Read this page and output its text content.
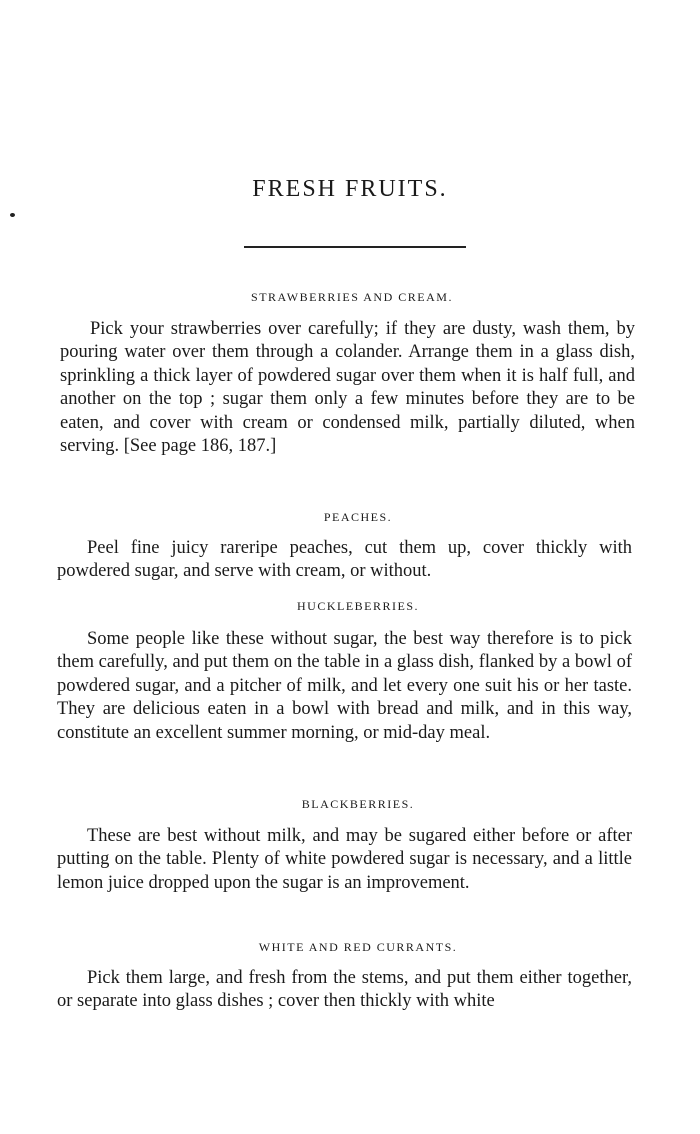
FRESH FRUITS.
STRAWBERRIES AND CREAM.

Pick your strawberries over carefully; if they are dusty, wash them, by pouring water over them through a colander. Arrange them in a glass dish, sprinkling a thick layer of powdered sugar over them when it is half full, and another on the top ; sugar them only a few minutes before they are to be eaten, and cover with cream or condensed milk, partially diluted, when serving. [See page 186, 187.]

PEACHES.

Peel fine juicy rareripe peaches, cut them up, cover thickly with powdered sugar, and serve with cream, or without.

HUCKLEBERRIES.

Some people like these without sugar, the best way therefore is to pick them carefully, and put them on the table in a glass dish, flanked by a bowl of powdered sugar, and a pitcher of milk, and let every one suit his or her taste. They are delicious eaten in a bowl with bread and milk, and in this way, constitute an excellent summer morning, or mid-day meal.

BLACKBERRIES.

These are best without milk, and may be sugared either before or after putting on the table. Plenty of white powdered sugar is necessary, and a little lemon juice dropped upon the sugar is an improvement.

WHITE AND RED CURRANTS.

Pick them large, and fresh from the stems, and put them either together, or separate into glass dishes ; cover then thickly with white
